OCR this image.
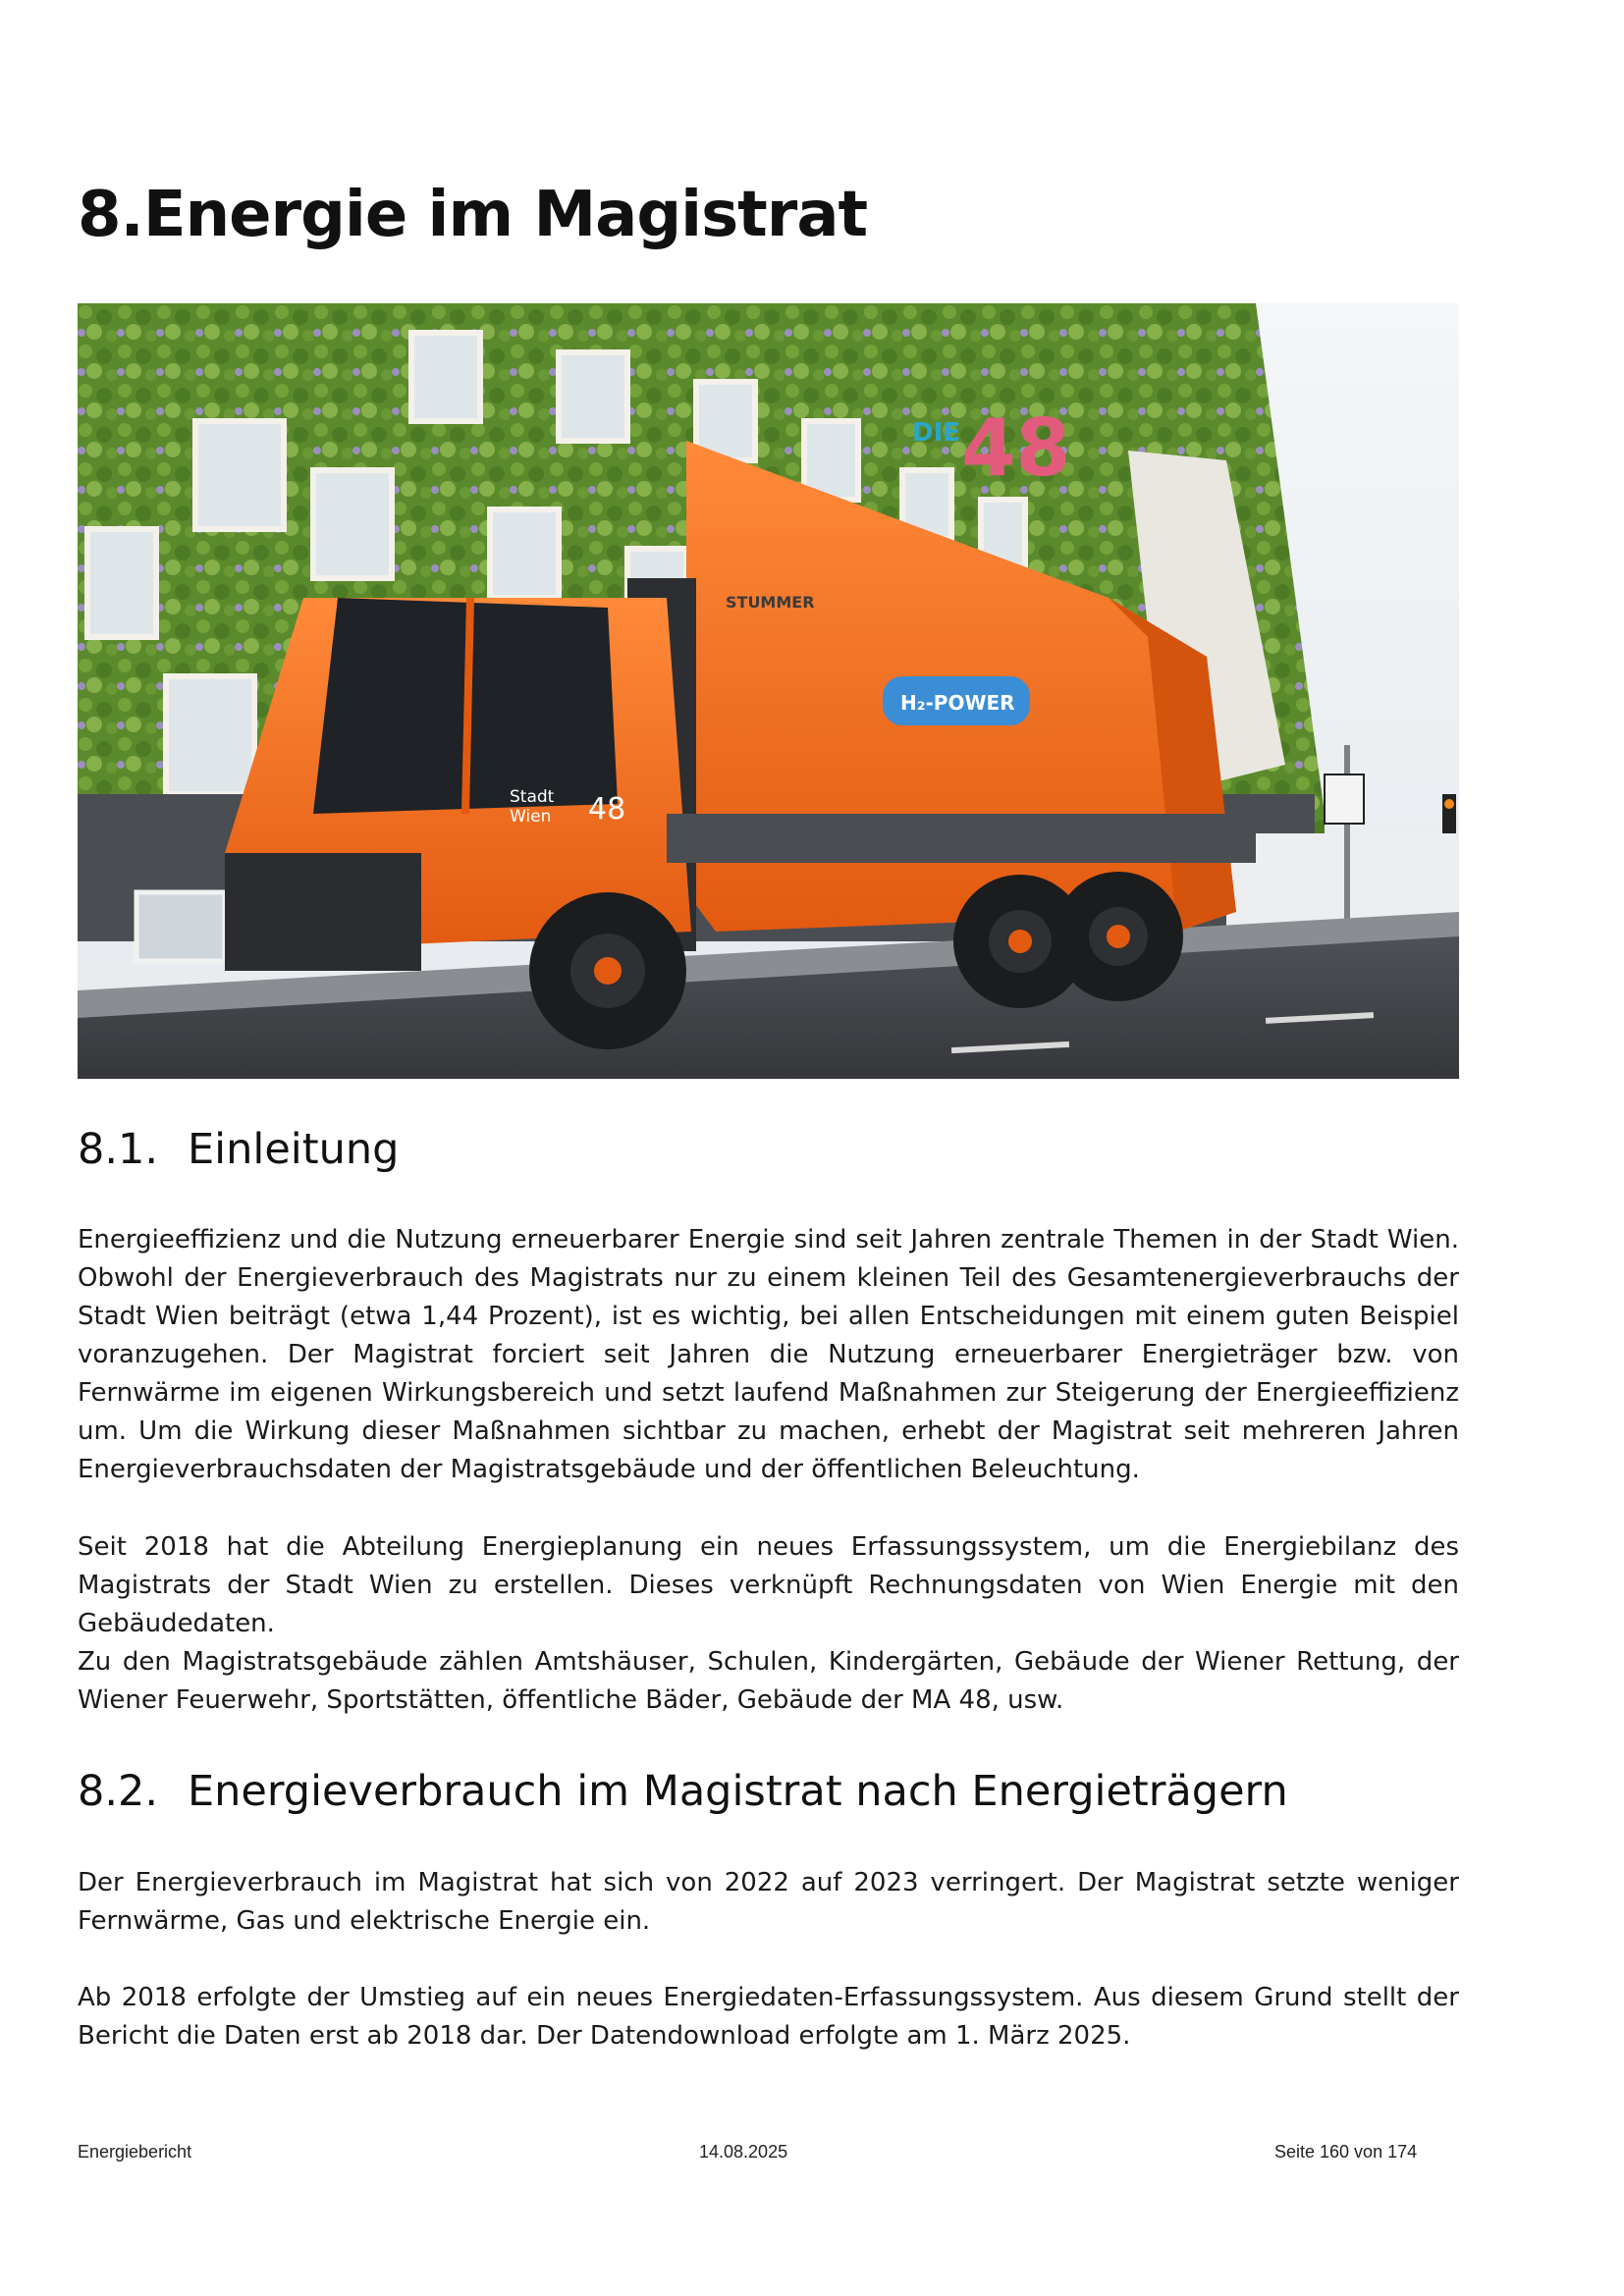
8.Energie im Magistrat
DIE 48
STUMMER
H₂-POWER
Stadt
Wien 48
8.1. Einleitung

Energieeffizienz und die Nutzung erneuerbarer Energie sind seit Jahren zentrale Themen in der Stadt Wien. Obwohl der Energieverbrauch des Magistrats nur zu einem kleinen Teil des Gesamtenergieverbrauchs der Stadt Wien beiträgt (etwa 1,44 Prozent), ist es wichtig, bei allen Entscheidungen mit einem guten Beispiel voranzugehen. Der Magistrat forciert seit Jahren die Nutzung erneuerbarer Energieträger bzw. von Fernwärme im eigenen Wirkungsbereich und setzt laufend Maßnahmen zur Steigerung der Energieeffizienz um. Um die Wirkung dieser Maßnahmen sichtbar zu machen, erhebt der Magistrat seit mehreren Jahren Energieverbrauchsdaten der Magistratsgebäude und der öffentlichen Beleuchtung.

Seit 2018 hat die Abteilung Energieplanung ein neues Erfassungssystem, um die Energiebilanz des Magistrats der Stadt Wien zu erstellen. Dieses verknüpft Rechnungsdaten von Wien Energie mit den Gebäudedaten.

Zu den Magistratsgebäude zählen Amtshäuser, Schulen, Kindergärten, Gebäude der Wiener Rettung, der Wiener Feuerwehr, Sportstätten, öffentliche Bäder, Gebäude der MA 48, usw.

8.2. Energieverbrauch im Magistrat nach Energieträgern

Der Energieverbrauch im Magistrat hat sich von 2022 auf 2023 verringert. Der Magistrat setzte weniger Fernwärme, Gas und elektrische Energie ein.

Ab 2018 erfolgte der Umstieg auf ein neues Energiedaten-Erfassungssystem. Aus diesem Grund stellt der Bericht die Daten erst ab 2018 dar. Der Datendownload erfolgte am 1. März 2025.

Energiebericht	14.08.2025	Seite 160 von 174
